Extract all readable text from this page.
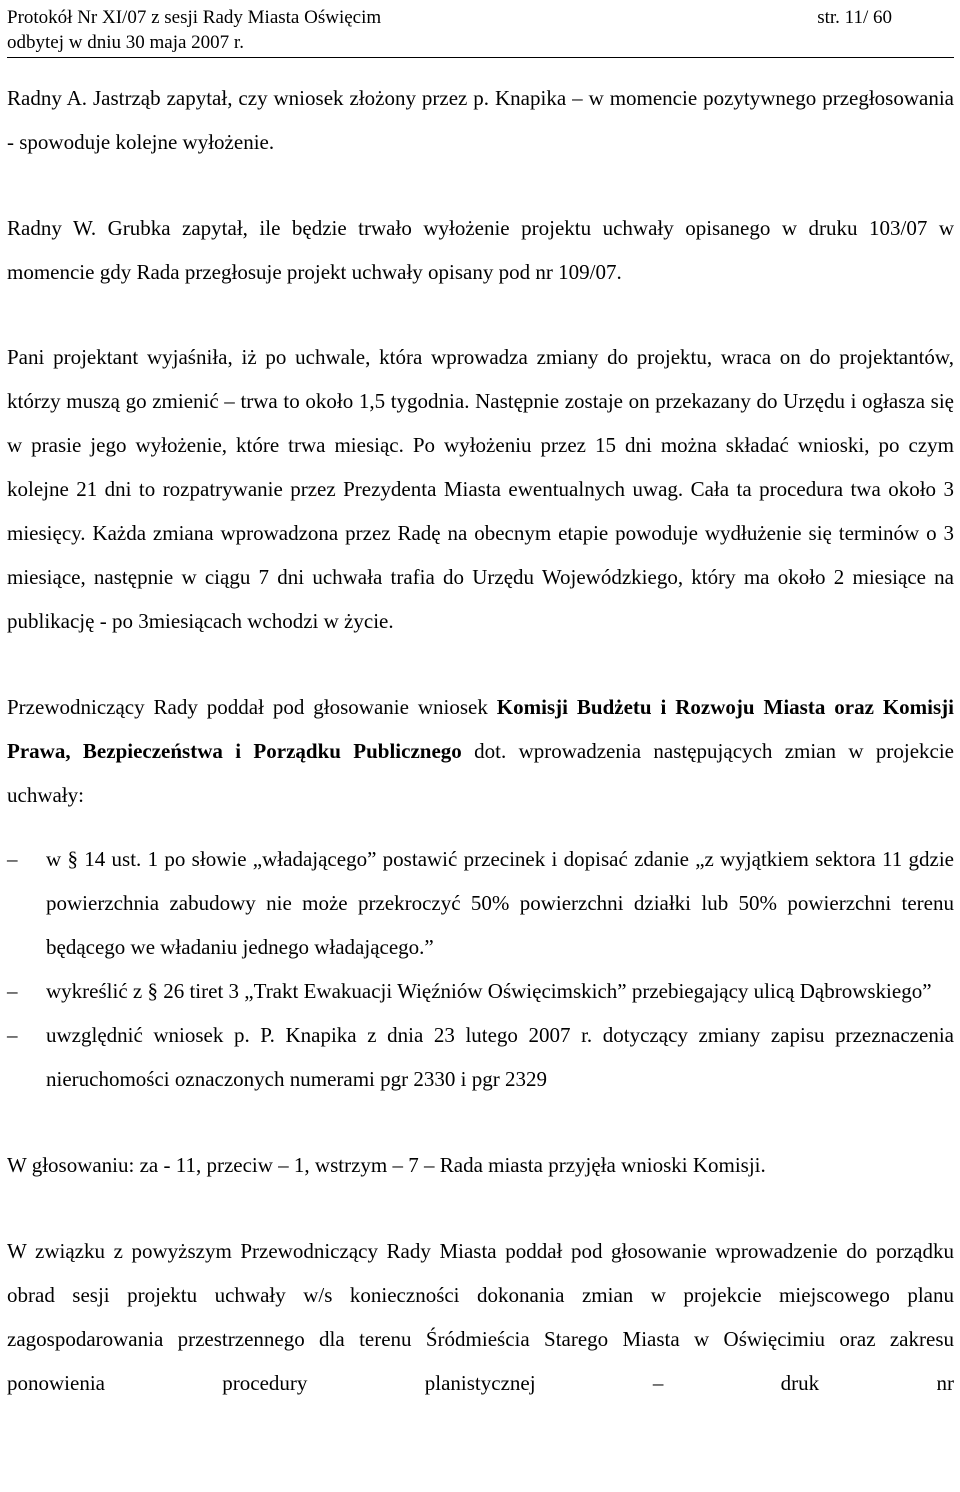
Protokół Nr XI/07 z sesji Rady Miasta Oświęcim	str. 11/ 60
odbytej w dniu 30 maja 2007 r.

Radny A. Jastrząb zapytał, czy wniosek złożony przez p. Knapika – w momencie pozytywnego przegłosowania - spowoduje kolejne wyłożenie.

Radny W. Grubka zapytał, ile będzie trwało wyłożenie projektu uchwały opisanego w druku 103/07 w momencie gdy Rada przegłosuje projekt uchwały opisany pod nr 109/07.

Pani projektant wyjaśniła, iż po uchwale, która wprowadza zmiany do projektu, wraca on do projektantów, którzy muszą go zmienić – trwa to około 1,5 tygodnia. Następnie zostaje on przekazany do Urzędu i ogłasza się w prasie jego wyłożenie, które trwa miesiąc. Po wyłożeniu przez 15 dni można składać wnioski, po czym kolejne 21 dni to rozpatrywanie przez Prezydenta Miasta ewentualnych uwag. Cała ta procedura twa około 3 miesięcy. Każda zmiana wprowadzona przez Radę na obecnym etapie powoduje wydłużenie się terminów o 3 miesiące, następnie w ciągu 7 dni uchwała trafia do Urzędu Wojewódzkiego, który ma około 2 miesiące na publikację - po 3miesiącach wchodzi w życie.

Przewodniczący Rady poddał pod głosowanie wniosek Komisji Budżetu i Rozwoju Miasta oraz Komisji Prawa, Bezpieczeństwa i Porządku Publicznego dot. wprowadzenia następujących zmian w projekcie uchwały:

–	w § 14 ust. 1 po słowie „władającego” postawić przecinek i dopisać zdanie „z wyjątkiem sektora 11 gdzie powierzchnia zabudowy nie może przekroczyć 50% powierzchni działki lub 50% powierzchni terenu będącego we władaniu jednego władającego.”
–	wykreślić z § 26 tiret 3 „Trakt Ewakuacji Więźniów Oświęcimskich” przebiegający ulicą Dąbrowskiego”
–	uwzględnić wniosek p. P. Knapika z dnia 23 lutego 2007 r. dotyczący zmiany zapisu przeznaczenia nieruchomości oznaczonych numerami pgr 2330 i pgr 2329

W głosowaniu: za - 11, przeciw – 1, wstrzym – 7 – Rada miasta przyjęła wnioski Komisji.

W związku z powyższym Przewodniczący Rady Miasta poddał pod głosowanie wprowadzenie do porządku obrad sesji projektu uchwały w/s konieczności dokonania zmian w projekcie miejscowego planu zagospodarowania przestrzennego dla terenu Śródmieścia Starego Miasta w Oświęcimiu oraz zakresu ponowienia procedury planistycznej – druk nr
